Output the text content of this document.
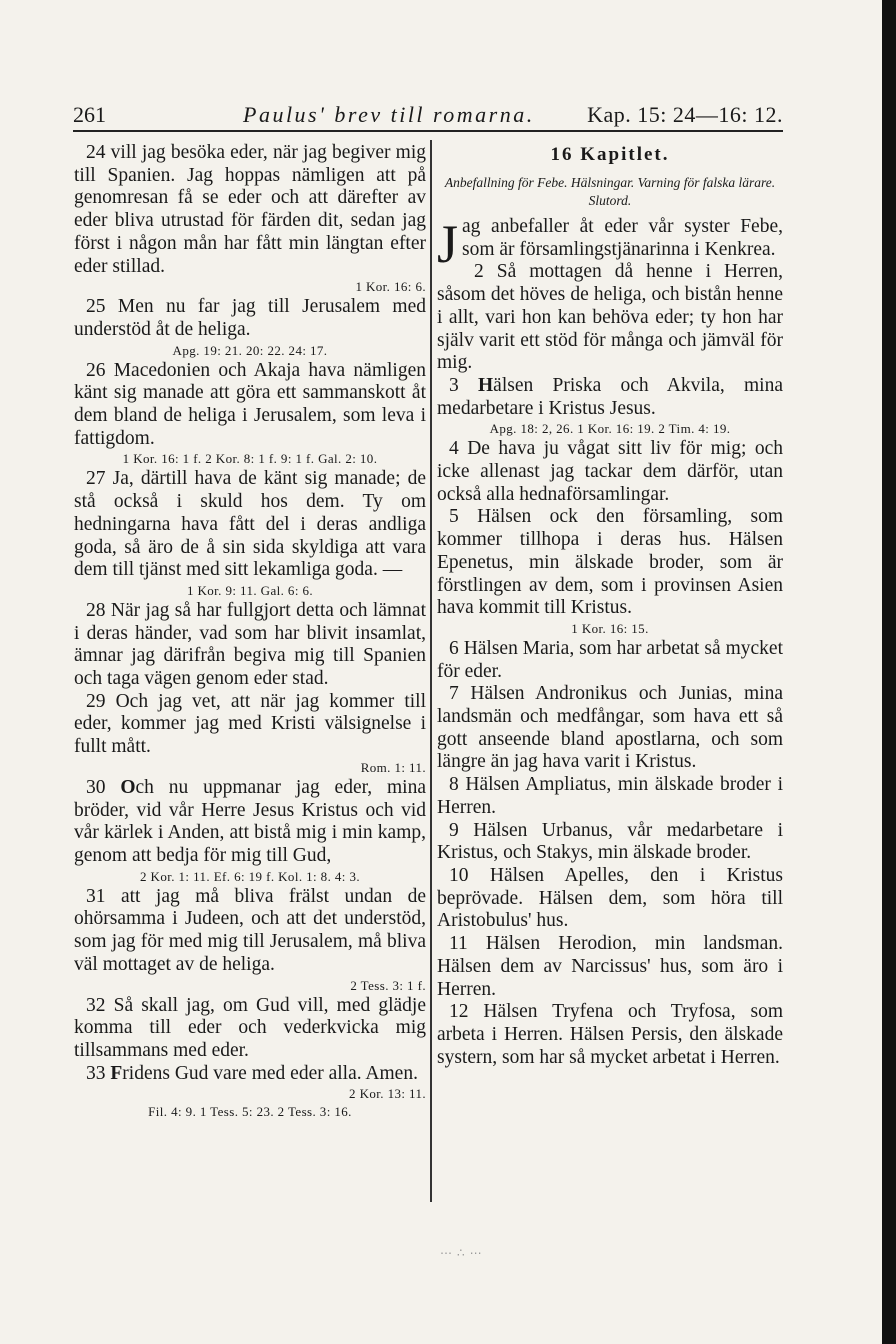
261	Paulus' brev till romarna. Kap. 15: 24—16: 12.

24 vill jag besöka eder, när jag begiver mig till Spanien. Jag hoppas nämligen att på genomresan få se eder och att därefter av eder bliva utrustad för färden dit, sedan jag först i någon mån har fått min längtan efter eder stillad.

1 Kor. 16: 6.

25 Men nu far jag till Jerusalem med understöd åt de heliga.

Apg. 19: 21. 20: 22. 24: 17.

26 Macedonien och Akaja hava nämligen känt sig manade att göra ett sammanskott åt dem bland de heliga i Jerusalem, som leva i fattigdom.

1 Kor. 16: 1 f. 2 Kor. 8: 1 f. 9: 1 f. Gal. 2: 10.

27 Ja, därtill hava de känt sig manade; de stå också i skuld hos dem. Ty om hedningarna hava fått del i deras andliga goda, så äro de å sin sida skyldiga att vara dem till tjänst med sitt lekamliga goda. —

1 Kor. 9: 11. Gal. 6: 6.

28 När jag så har fullgjort detta och lämnat i deras händer, vad som har blivit insamlat, ämnar jag därifrån begiva mig till Spanien och taga vägen genom eder stad.

29 Och jag vet, att när jag kommer till eder, kommer jag med Kristi välsignelse i fullt mått.

Rom. 1: 11.

30 Och nu uppmanar jag eder, mina bröder, vid vår Herre Jesus Kristus och vid vår kärlek i Anden, att bistå mig i min kamp, genom att bedja för mig till Gud,

2 Kor. 1: 11. Ef. 6: 19 f. Kol. 1: 8. 4: 3.

31 att jag må bliva frälst undan de ohörsamma i Judeen, och att det understöd, som jag för med mig till Jerusalem, må bliva väl mottaget av de heliga.

2 Tess. 3: 1 f.

32 Så skall jag, om Gud vill, med glädje komma till eder och vederkvicka mig tillsammans med eder.

33 Fridens Gud vare med eder alla. Amen.

2 Kor. 13: 11.

Fil. 4: 9. 1 Tess. 5: 23. 2 Tess. 3: 16.

16 Kapitlet.
Anbefallning för Febe. Hälsningar. Varning för falska lärare. Slutord.

Jag anbefaller åt eder vår syster Febe, som är församlingstjänarinna i Kenkrea.

2 Så mottagen då henne i Herren, såsom det höves de heliga, och bistån henne i allt, vari hon kan behöva eder; ty hon har själv varit ett stöd för många och jämväl för mig.

3 Hälsen Priska och Akvila, mina medarbetare i Kristus Jesus.

Apg. 18: 2, 26. 1 Kor. 16: 19. 2 Tim. 4: 19.

4 De hava ju vågat sitt liv för mig; och icke allenast jag tackar dem därför, utan också alla hednaförsamlingar.

5 Hälsen ock den församling, som kommer tillhopa i deras hus. Hälsen Epenetus, min älskade broder, som är förstlingen av dem, som i provinsen Asien hava kommit till Kristus.

1 Kor. 16: 15.

6 Hälsen Maria, som har arbetat så mycket för eder.

7 Hälsen Andronikus och Junias, mina landsmän och medfångar, som hava ett så gott anseende bland apostlarna, och som längre än jag hava varit i Kristus.

8 Hälsen Ampliatus, min älskade broder i Herren.

9 Hälsen Urbanus, vår medarbetare i Kristus, och Stakys, min älskade broder.

10 Hälsen Apelles, den i Kristus beprövade. Hälsen dem, som höra till Aristobulus' hus.

11 Hälsen Herodion, min landsman. Hälsen dem av Narcissus' hus, som äro i Herren.

12 Hälsen Tryfena och Tryfosa, som arbeta i Herren. Hälsen Persis, den älskade systern, som har så mycket arbetat i Herren.

⋯ ∴ ⋯
